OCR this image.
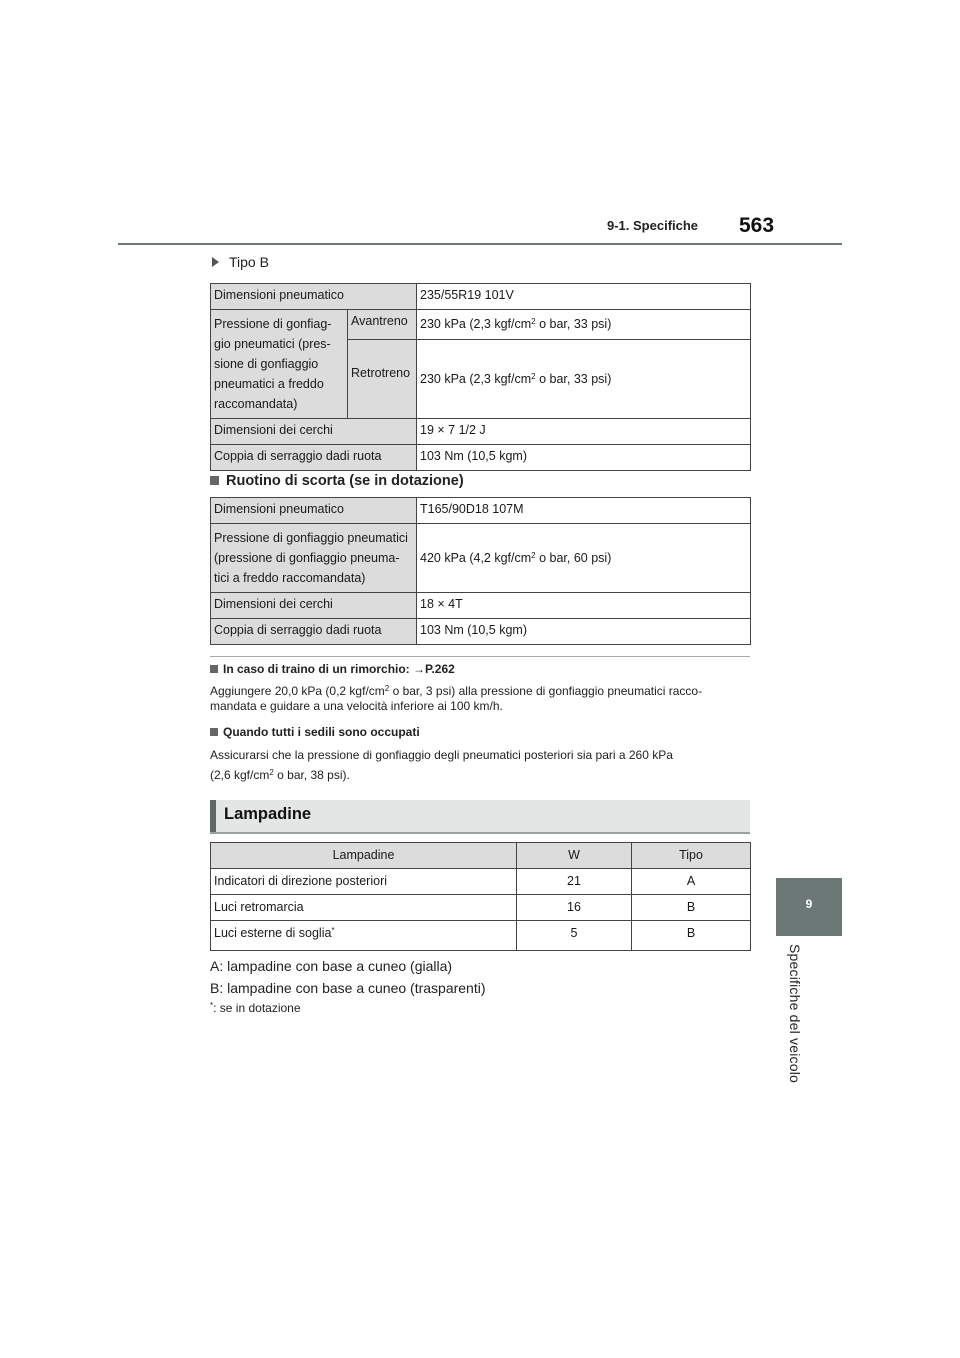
9-1. Specifiche 563
9
Specifiche del veicolo
Tipo B
Dimensioni pneumatico		235/55R19 101V

Pressione di gonfiag-
gio pneumatici (pres-
sione di gonfiaggio
pneumatici a freddo
raccomandata)	Avantreno	230 kPa (2,3 kgf/$cm^2$ o bar, 33 psi)
	Retrotreno	230 kPa (2,3 kgf/$cm^2$ o bar, 33 psi)
Dimensioni dei cerchi		19 × 7 1/2 J
Coppia di serraggio dadi ruota		103 Nm (10,5 kgm)
Ruotino di scorta (se in dotazione)
Dimensioni pneumatico	T165/90D18 107M

Pressione di gonfiaggio pneumatici
(pressione di gonfiaggio pneuma-
tici a freddo raccomandata)	420 kPa (4,2 kgf/$cm^2$ o bar, 60 psi)
Dimensioni dei cerchi	18 × 4T
Coppia di serraggio dadi ruota	103 Nm (10,5 kgm)
In caso di traino di un rimorchio: →P.262
Aggiungere 20,0 kPa (0,2 kgf/$cm^2$ o bar, 3 psi) alla pressione di gonfiaggio pneumatici racco-
mandata e guidare a una velocità inferiore ai 100 km/h.
Quando tutti i sedili sono occupati
Assicurarsi che la pressione di gonfiaggio degli pneumatici posteriori sia pari a 260 kPa
(2,6 kgf/$cm^2$ o bar, 38 psi).
Lampadine
Lampadine	W	Tipo
Indicatori di direzione posteriori	21	A
Luci retromarcia	16	B
Luci esterne di soglia*	5	B
A: lampadine con base a cuneo (gialla)
B: lampadine con base a cuneo (trasparenti)
*: se in dotazione
